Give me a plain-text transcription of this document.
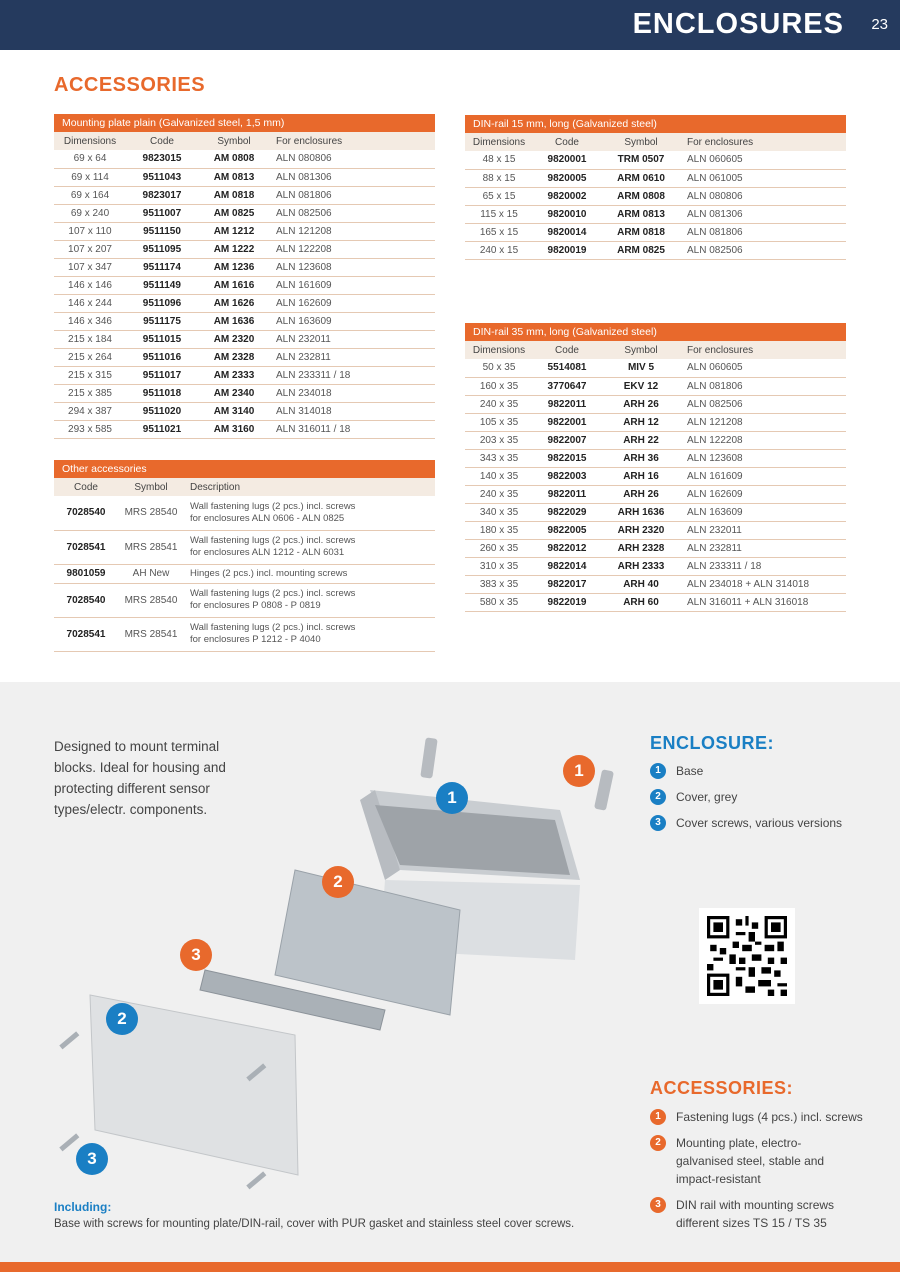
ENCLOSURES 23
ACCESSORIES
Mounting plate plain (Galvanized steel, 1,5 mm)
Dimensions	Code	Symbol	For enclosures
69 x 64	9823015	AM 0808	ALN 080806
69 x 114	9511043	AM 0813	ALN 081306
69 x 164	9823017	AM 0818	ALN 081806
69 x 240	9511007	AM 0825	ALN 082506
107 x 110	9511150	AM 1212	ALN 121208
107 x 207	9511095	AM 1222	ALN 122208
107 x 347	9511174	AM 1236	ALN 123608
146 x 146	9511149	AM 1616	ALN 161609
146 x 244	9511096	AM 1626	ALN 162609
146 x 346	9511175	AM 1636	ALN 163609
215 x 184	9511015	AM 2320	ALN 232011
215 x 264	9511016	AM 2328	ALN 232811
215 x 315	9511017	AM 2333	ALN 233311 / 18
215 x 385	9511018	AM 2340	ALN 234018
294 x 387	9511020	AM 3140	ALN 314018
293 x 585	9511021	AM 3160	ALN 316011 / 18
Other accessories
Code	Symbol	Description
7028540	MRS 28540	Wall fastening lugs (2 pcs.) incl. screws
for enclosures ALN 0606 - ALN 0825

7028541	MRS 28541	Wall fastening lugs (2 pcs.) incl. screws
for enclosures ALN 1212 - ALN 6031

9801059	AH New	Hinges (2 pcs.) incl. mounting screws

7028540	MRS 28540	Wall fastening lugs (2 pcs.) incl. screws
for enclosures P 0808 - P 0819

7028541	MRS 28541	Wall fastening lugs (2 pcs.) incl. screws
for enclosures P 1212 - P 4040
DIN-rail 15 mm, long (Galvanized steel)
Dimensions	Code	Symbol	For enclosures
48 x 15	9820001	TRM 0507	ALN 060605
88 x 15	9820005	ARM 0610	ALN 061005
65 x 15	9820002	ARM 0808	ALN 080806
115 x 15	9820010	ARM 0813	ALN 081306
165 x 15	9820014	ARM 0818	ALN 081806
240 x 15	9820019	ARM 0825	ALN 082506
DIN-rail 35 mm, long (Galvanized steel)
Dimensions	Code	Symbol	For enclosures
50 x 35	5514081	MIV 5	ALN 060605
160 x 35	3770647	EKV 12	ALN 081806
240 x 35	9822011	ARH 26	ALN 082506
105 x 35	9822001	ARH 12	ALN 121208
203 x 35	9822007	ARH 22	ALN 122208
343 x 35	9822015	ARH 36	ALN 123608
140 x 35	9822003	ARH 16	ALN 161609
240 x 35	9822011	ARH 26	ALN 162609
340 x 35	9822029	ARH 1636	ALN 163609
180 x 35	9822005	ARH 2320	ALN 232011
260 x 35	9822012	ARH 2328	ALN 232811
310 x 35	9822014	ARH 2333	ALN 233311 / 18
383 x 35	9822017	ARH 40	ALN 234018 + ALN 314018
580 x 35	9822019	ARH 60	ALN 316011 + ALN 316018
Designed to mount terminal blocks. Ideal for housing and protecting different sensor types/electr. components.
1
1
2
3
2
3
Including:
Base with screws for mounting plate/DIN-rail, cover with PUR gasket and stainless steel cover screws.
ENCLOSURE:
1	Base
2	Cover, grey
3	Cover screws, various versions
ACCESSORIES:
1	Fastening lugs (4 pcs.) incl. screws
2	Mounting plate, electro-
galvanised steel, stable and
impact-resistant
3	DIN rail with mounting screws
different sizes TS 15 / TS 35
